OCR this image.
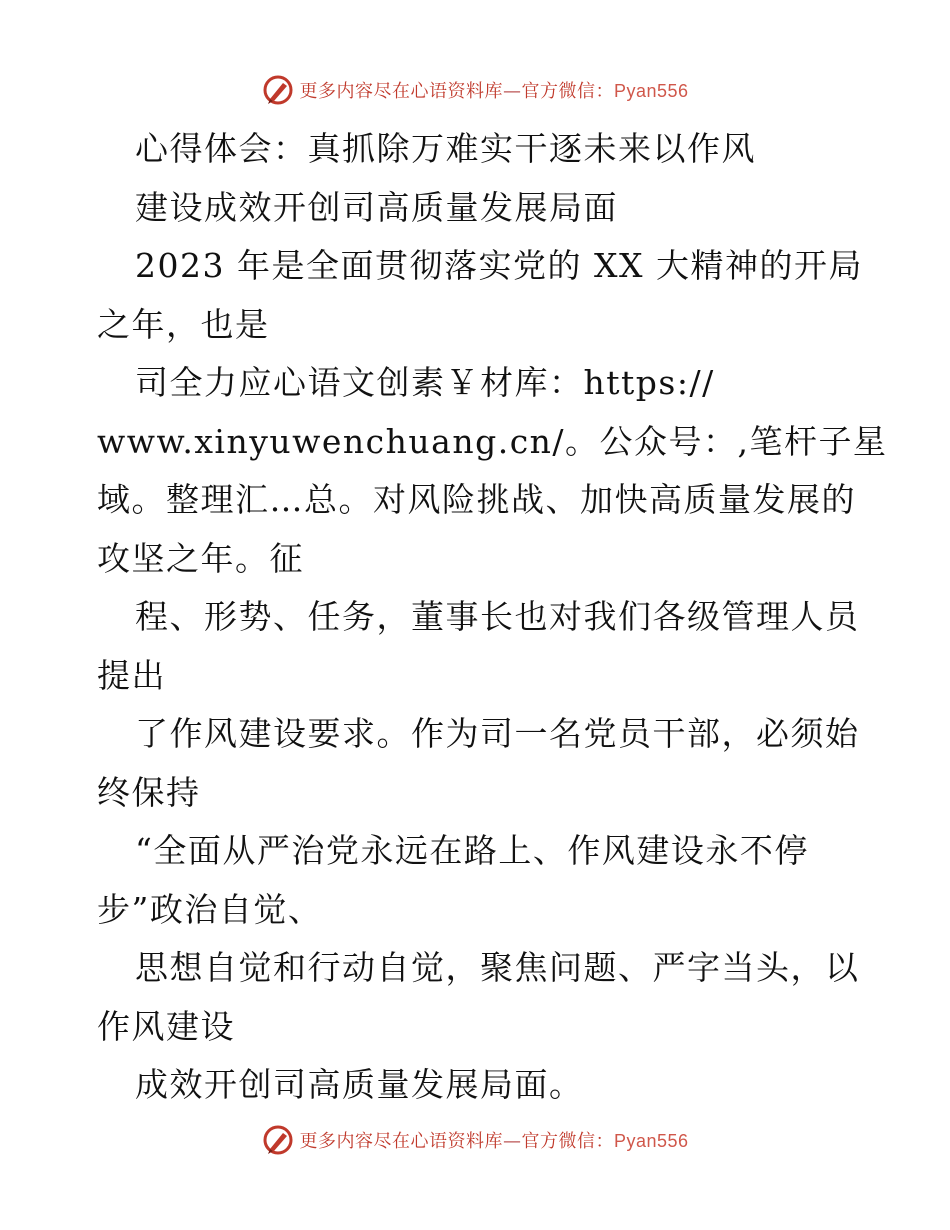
更多内容尽在心语资料库—官方微信：Pyan556
心得体会：真抓除万难实干逐未来以作风
建设成效开创司高质量发展局面
2023 年是全面贯彻落实党的 XX 大精神的开局
之年，也是
司全力应心语文创素￥材库：https://
www.xinyuwenchuang.cn/。公众号：,笔杆子星
域。整理汇…总。对风险挑战、加快高质量发展的
攻坚之年。征
程、形势、任务，董事长也对我们各级管理人员
提出
了作风建设要求。作为司一名党员干部，必须始
终保持
“全面从严治党永远在路上、作风建设永不停
步”政治自觉、
思想自觉和行动自觉，聚焦问题、严字当头，以
作风建设
成效开创司高质量发展局面。
更多内容尽在心语资料库—官方微信：Pyan556
